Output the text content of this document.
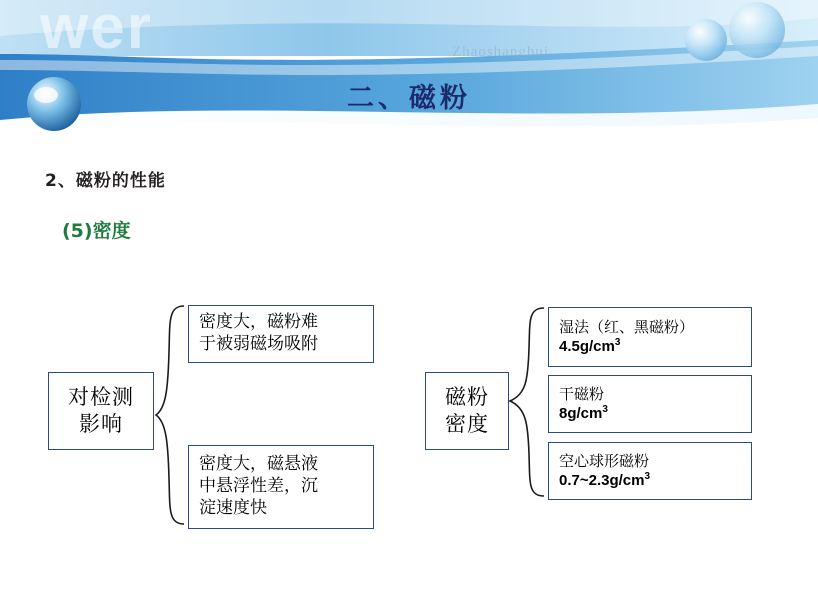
wer	Zhaoshanghui
二、磁粉
2、磁粉的性能
(5)密度
对检测
影响
密度大，磁粉难
于被弱磁场吸附
密度大，磁悬液
中悬浮性差，沉
淀速度快
磁粉
密度
湿法（红、黑磁粉）
$4.5g/cm^3$
干磁粉
$8g/cm^3$
空心球形磁粉
$0.7\sim 2.3g/cm^3$
